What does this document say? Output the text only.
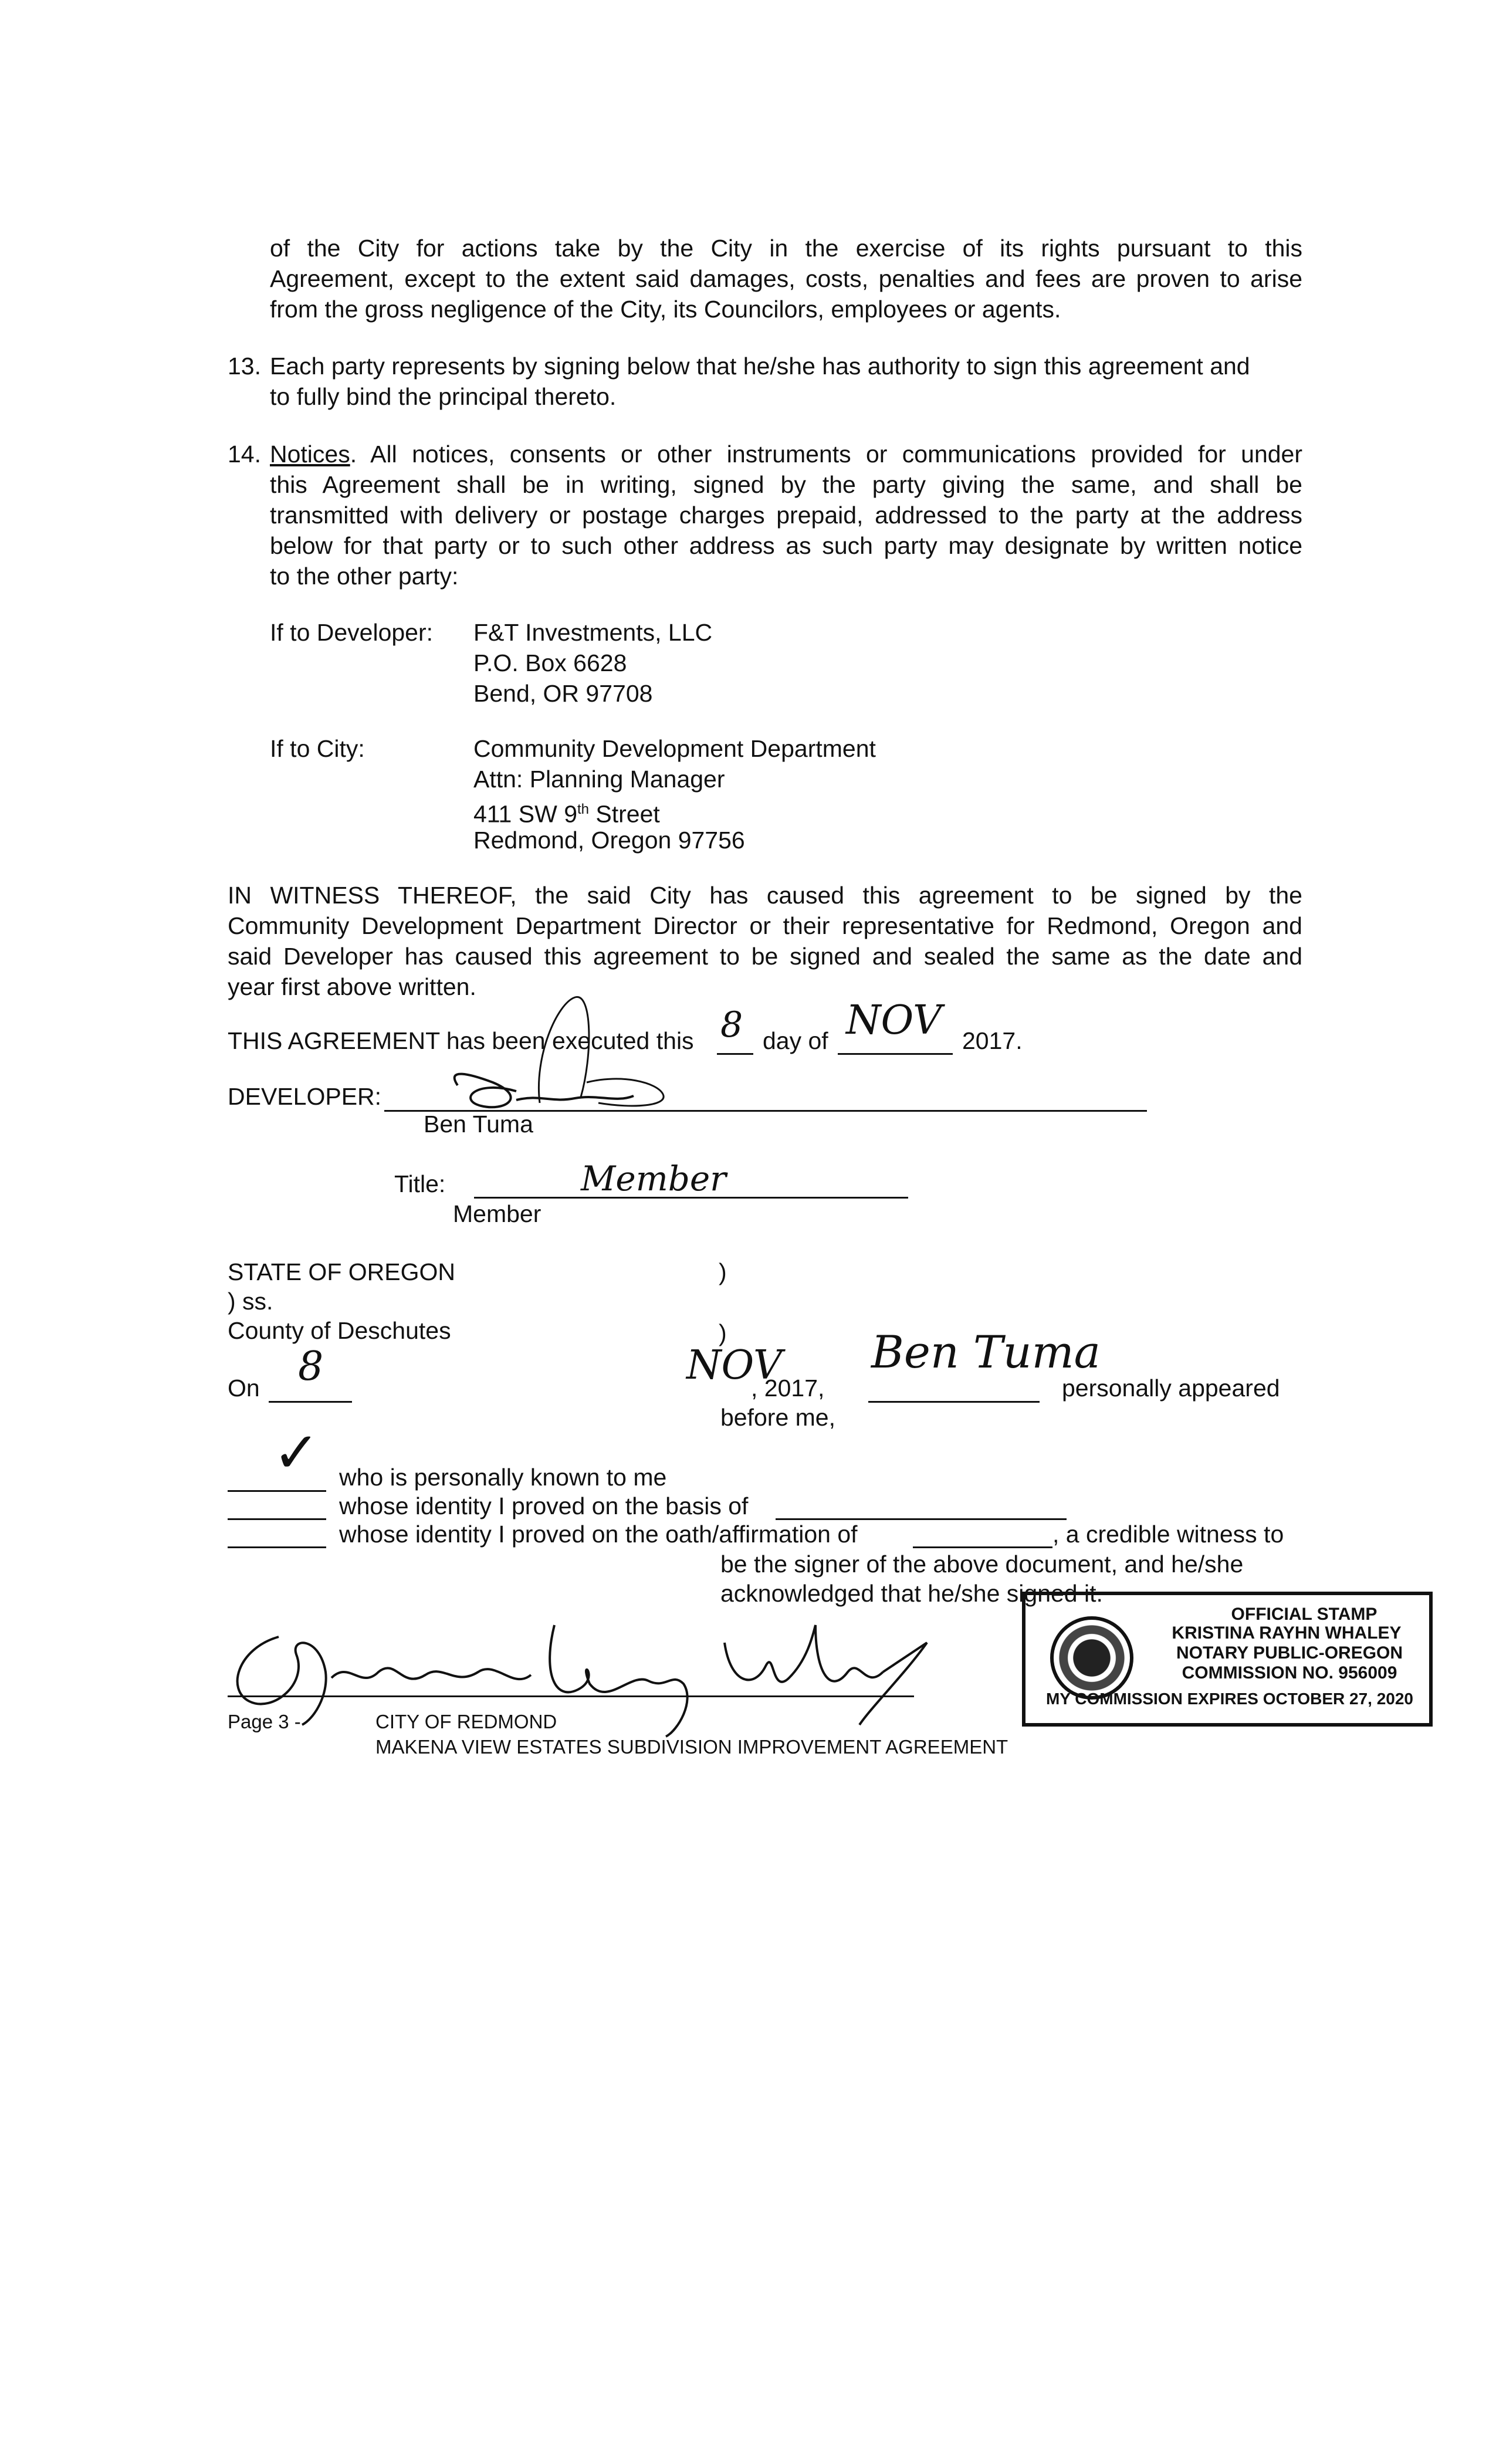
of the City for actions take by the City in the exercise of its rights pursuant to this
Agreement, except to the extent said damages, costs, penalties and fees are proven to arise
from the gross negligence of the City, its Councilors, employees or agents.
13. Each party represents by signing below that he/she has authority to sign this agreement and
to fully bind the principal thereto.
14. Notices. All notices, consents or other instruments or communications provided for under
this Agreement shall be in writing, signed by the party giving the same, and shall be
transmitted with delivery or postage charges prepaid, addressed to the party at the address
below for that party or to such other address as such party may designate by written notice
to the other party:
If to Developer: F&T Investments, LLC
P.O. Box 6628
Bend, OR 97708
If to City:	Community Development Department
Attn: Planning Manager
411 SW 9th Street
Redmond, Oregon 97756
IN WITNESS THEREOF, the said City has caused this agreement to be signed by the
Community Development Department Director or their representative for Redmond, Oregon and
said Developer has caused this agreement to be signed and sealed the same as the date and
year first above written.
THIS AGREEMENT has been executed this 8 day of NOV 2017.
DEVELOPER:
Ben Tuma
Title:	Member
Member
STATE OF OREGON	)
) ss.
County of Deschutes	)
On 8	NOV
, 2017,
Ben Tuma
personally appeared
before me,
✓ who is personally known to me
whose identity I proved on the basis of
whose identity I proved on the oath/affirmation of	, a credible witness to
be the signer of the above document, and he/she
acknowledged that he/she signed it.
OFFICIAL STAMP
KRISTINA RAYHN WHALEY
NOTARY PUBLIC-OREGON
COMMISSION NO. 956009
MY COMMISSION EXPIRES OCTOBER 27, 2020
Page 3 -	CITY OF REDMOND
MAKENA VIEW ESTATES SUBDIVISION IMPROVEMENT AGREEMENT
